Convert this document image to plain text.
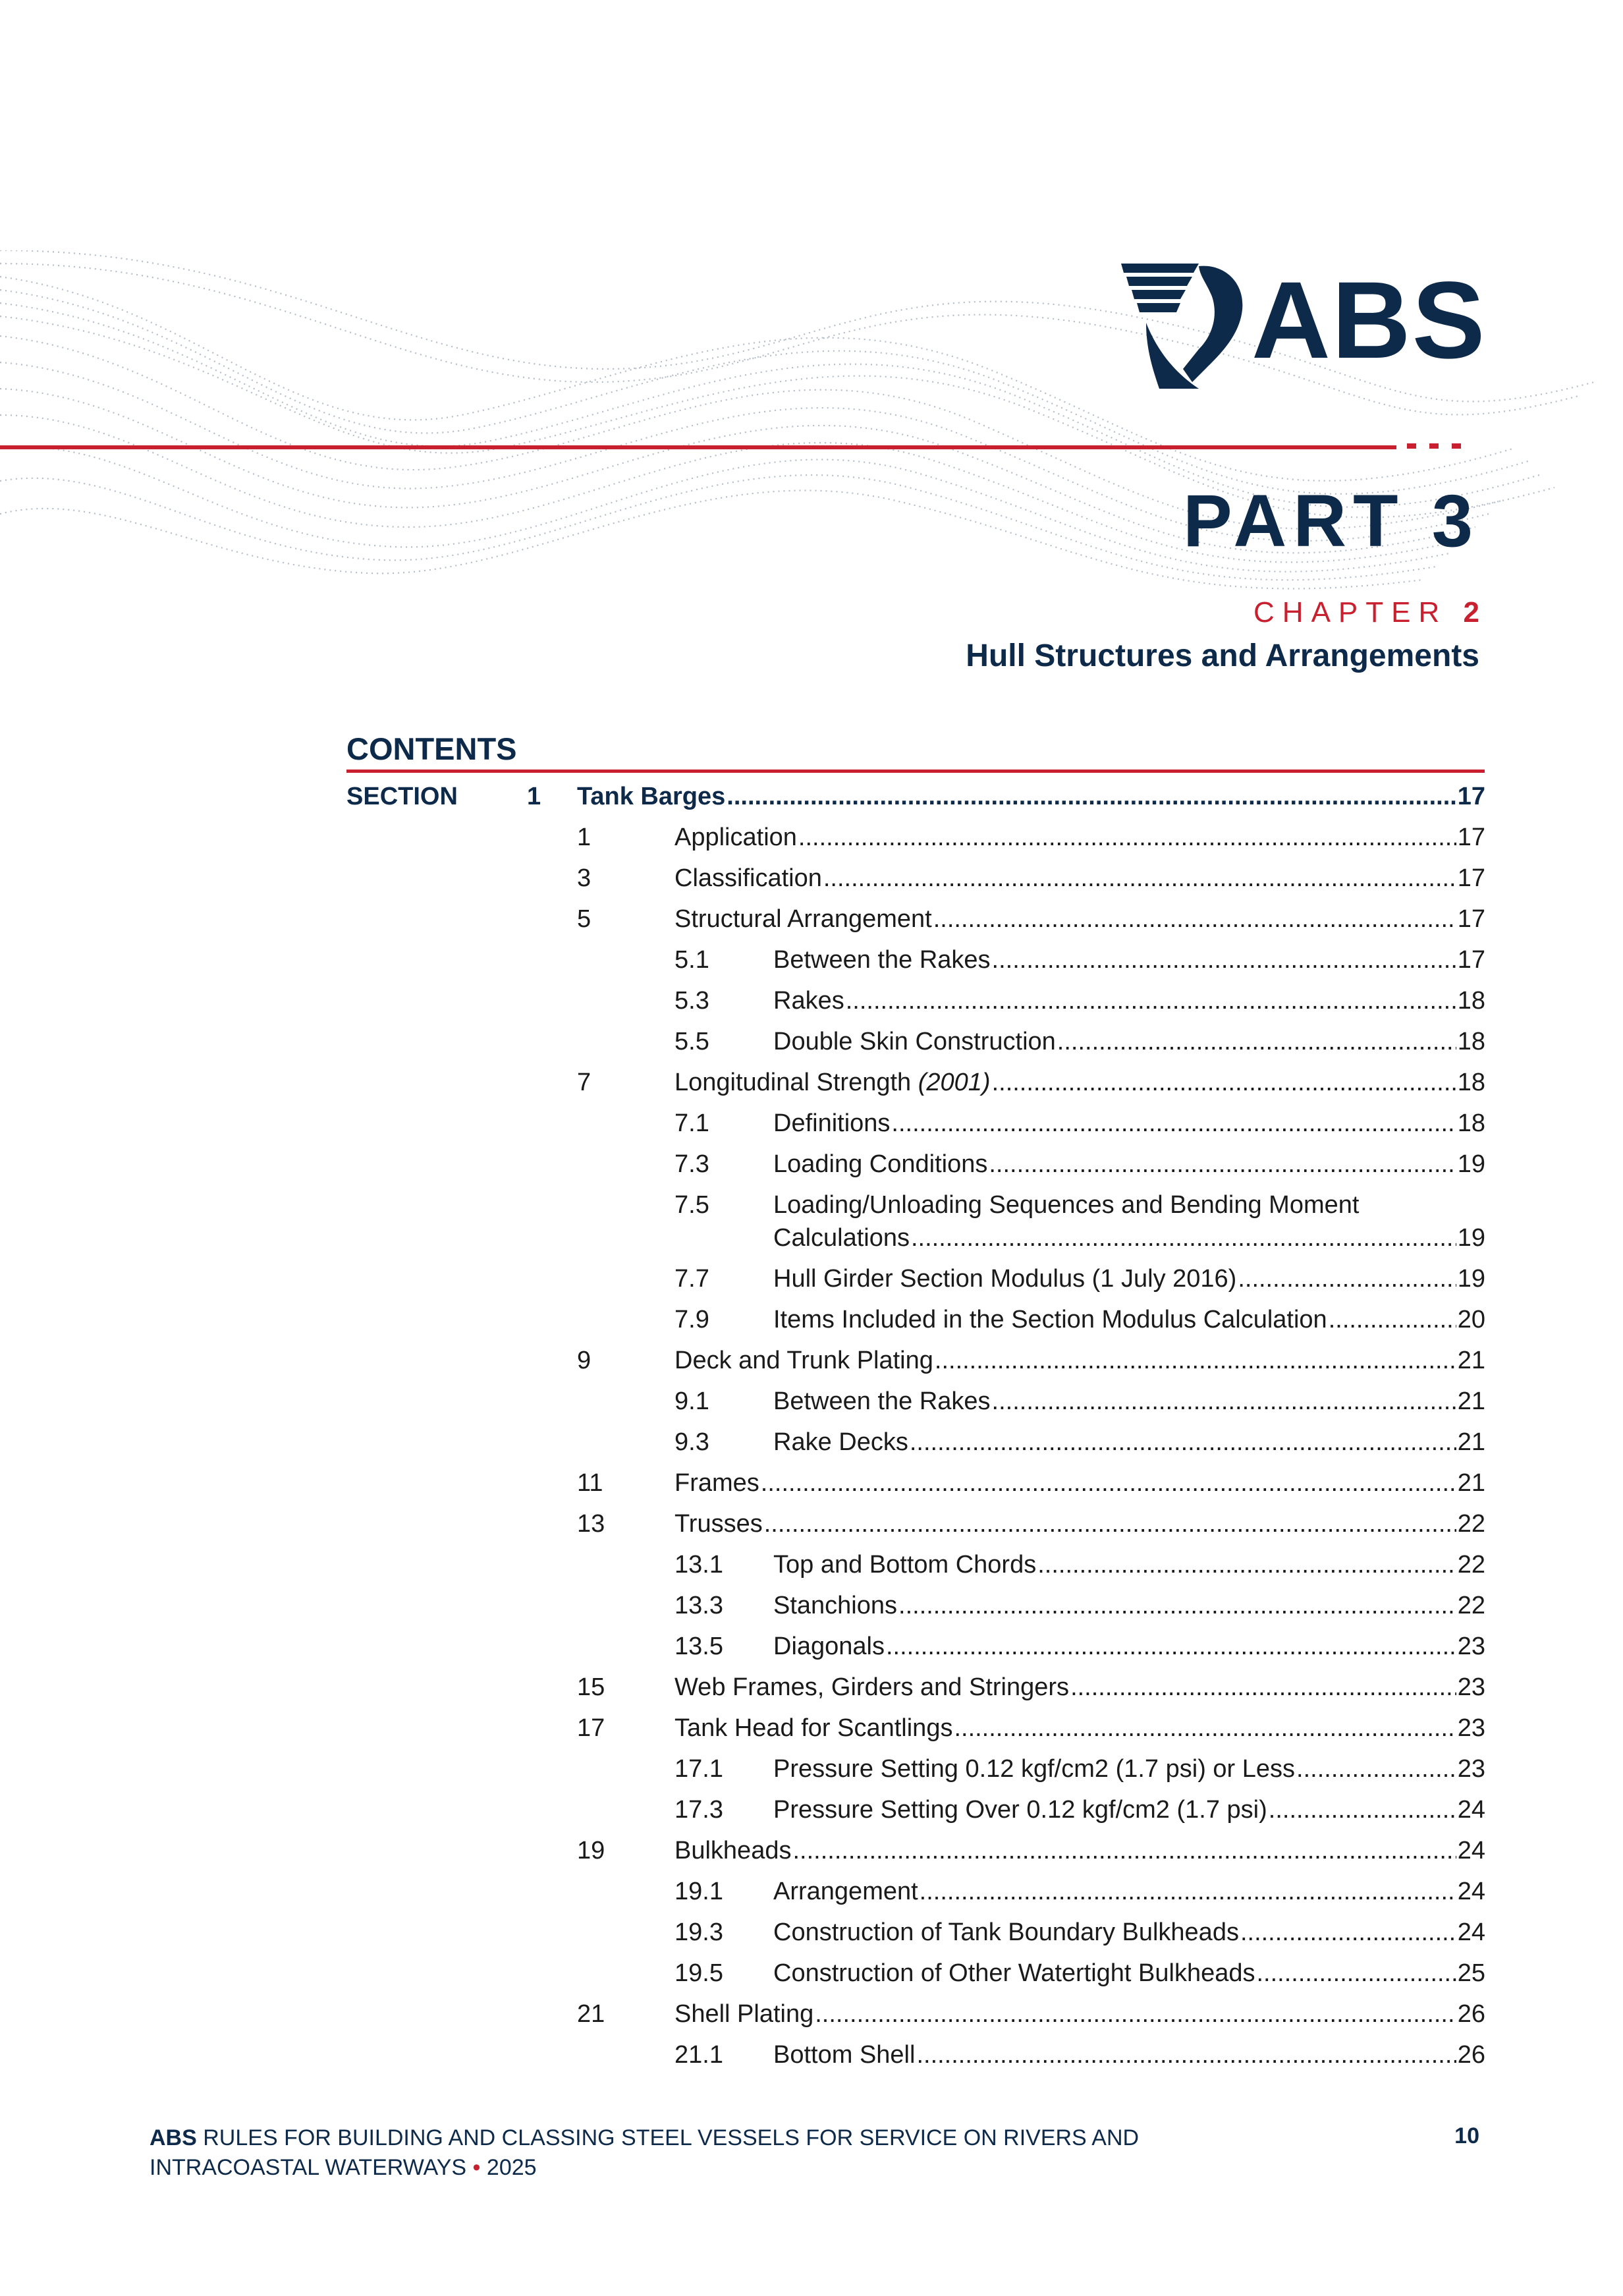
ABS
PART 3
CHAPTER 2
Hull Structures and Arrangements
CONTENTS
SECTION	1 Tank Barges .....	17
1	Application .....	17
3	Classification .....	17
5	Structural Arrangement .....	17
5.1	Between the Rakes .....	17
5.3	Rakes .....	18
5.5	Double Skin Construction .....	18
7	Longitudinal Strength (2001) .....	18
7.1	Definitions .....	18
7.3	Loading Conditions .....	19
7.5	Loading/Unloading Sequences and Bending Moment
Calculations .....	19
7.7	Hull Girder Section Modulus (1 July 2016) .....	19
7.9	Items Included in the Section Modulus Calculation .....	20
9	Deck and Trunk Plating .....	21
9.1	Between the Rakes .....	21
9.3	Rake Decks .....	21
11	Frames .....	21
13	Trusses .....	22
13.1 Top and Bottom Chords .....	22
13.3 Stanchions .....	22
13.5 Diagonals .....	23
15	Web Frames, Girders and Stringers .....	23
17	Tank Head for Scantlings .....	23
17.1 Pressure Setting 0.12 kgf/cm2 (1.7 psi) or Less .....	23
17.3 Pressure Setting Over 0.12 kgf/cm2 (1.7 psi) .....	24
19	Bulkheads .....	24
19.1 Arrangement .....	24
19.3 Construction of Tank Boundary Bulkheads .....	24
19.5 Construction of Other Watertight Bulkheads .....	25
21	Shell Plating .....	26
21.1 Bottom Shell .....	26
ABS RULES FOR BUILDING AND CLASSING STEEL VESSELS FOR SERVICE ON RIVERS AND
INTRACOASTAL WATERWAYS • 2025
10
